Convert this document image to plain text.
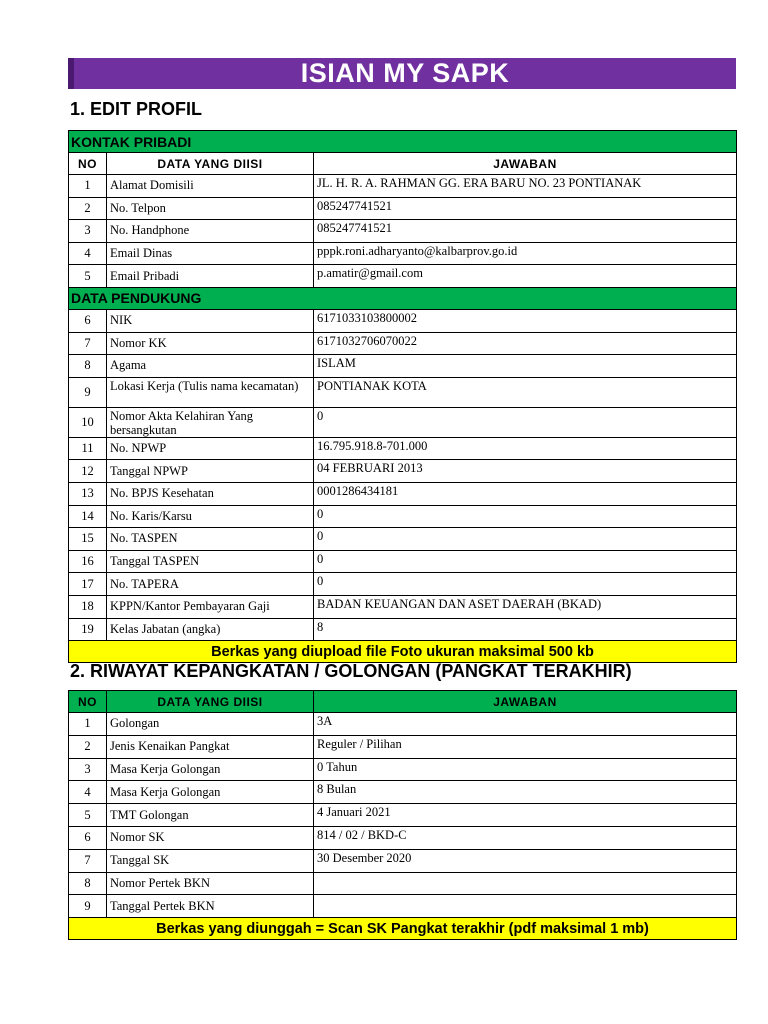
ISIAN MY SAPK
1. EDIT PROFIL
KONTAK PRIBADI		
NO	DATA YANG DIISI	JAWABAN
1	Alamat Domisili	JL. H. R. A. RAHMAN GG. ERA BARU NO. 23 PONTIANAK
2	No. Telpon	085247741521
3	No. Handphone	085247741521
4	Email Dinas	pppk.roni.adharyanto@kalbarprov.go.id
5	Email Pribadi	p.amatir@gmail.com
DATA PENDUKUNG		
6	NIK	6171033103800002
7	Nomor KK	6171032706070022
8	Agama	ISLAM
9	Lokasi Kerja (Tulis nama kecamatan)	PONTIANAK KOTA
10	Nomor Akta Kelahiran Yang bersangkutan	0
11	No. NPWP	16.795.918.8-701.000
12	Tanggal NPWP	04 FEBRUARI 2013
13	No. BPJS Kesehatan	0001286434181
14	No. Karis/Karsu	0
15	No. TASPEN	0
16	Tanggal TASPEN	0
17	No. TAPERA	0
18	KPPN/Kantor Pembayaran Gaji	BADAN KEUANGAN DAN ASET DAERAH (BKAD)
19	Kelas Jabatan (angka)	8
Berkas yang diupload file Foto ukuran maksimal 500 kb		
2. RIWAYAT KEPANGKATAN / GOLONGAN (PANGKAT TERAKHIR)
NO	DATA YANG DIISI	JAWABAN
1	Golongan	3A
2	Jenis Kenaikan Pangkat	Reguler / Pilihan
3	Masa Kerja Golongan	0 Tahun
4	Masa Kerja Golongan	8 Bulan
5	TMT Golongan	4 Januari 2021
6	Nomor SK	814 / 02 / BKD-C
7	Tanggal SK	30 Desember 2020
8	Nomor Pertek BKN	
9	Tanggal Pertek BKN	
Berkas yang diunggah = Scan SK Pangkat terakhir (pdf maksimal 1 mb)		
